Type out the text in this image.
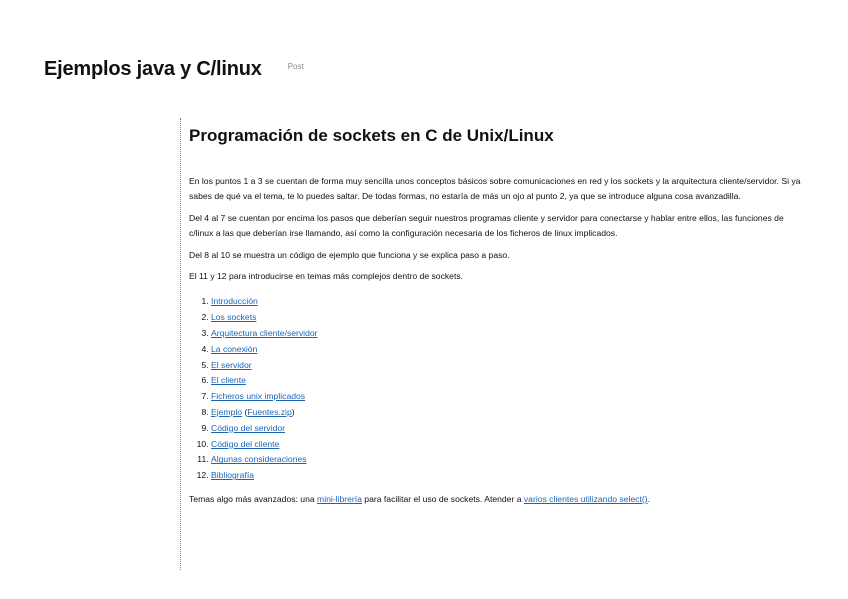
Ejemplos java y C/linux	Post
Programación de sockets en C de Unix/Linux

En los puntos 1 a 3 se cuentan de forma muy sencilla unos conceptos básicos sobre comunicaciones en red y los sockets y la arquitectura cliente/servidor. Si ya sabes de qué va el tema, te lo puedes saltar. De todas formas, no estaría de más un ojo al punto 2, ya que se introduce alguna cosa avanzadilla.

Del 4 al 7 se cuentan por encima los pasos que deberían seguir nuestros programas cliente y servidor para conectarse y hablar entre ellos, las funciones de c/linux a las que deberían irse llamando, así como la configuración necesaria de los ficheros de linux implicados.

Del 8 al 10 se muestra un código de ejemplo que funciona y se explica paso a paso.

El 11 y 12 para introducirse en temas más complejos dentro de sockets.

1. Introducción
2. Los sockets
3. Arquitectura cliente/servidor
4. La conexión
5. El servidor
6. El cliente
7. Ficheros unix implicados
8. Ejemplo (Fuentes.zip)
9. Código del servidor
10. Código del cliente
11. Algunas consideraciones
12. Bibliografía

Temas algo más avanzados: una mini-librería para facilitar el uso de sockets. Atender a varios clientes utilizando select().
